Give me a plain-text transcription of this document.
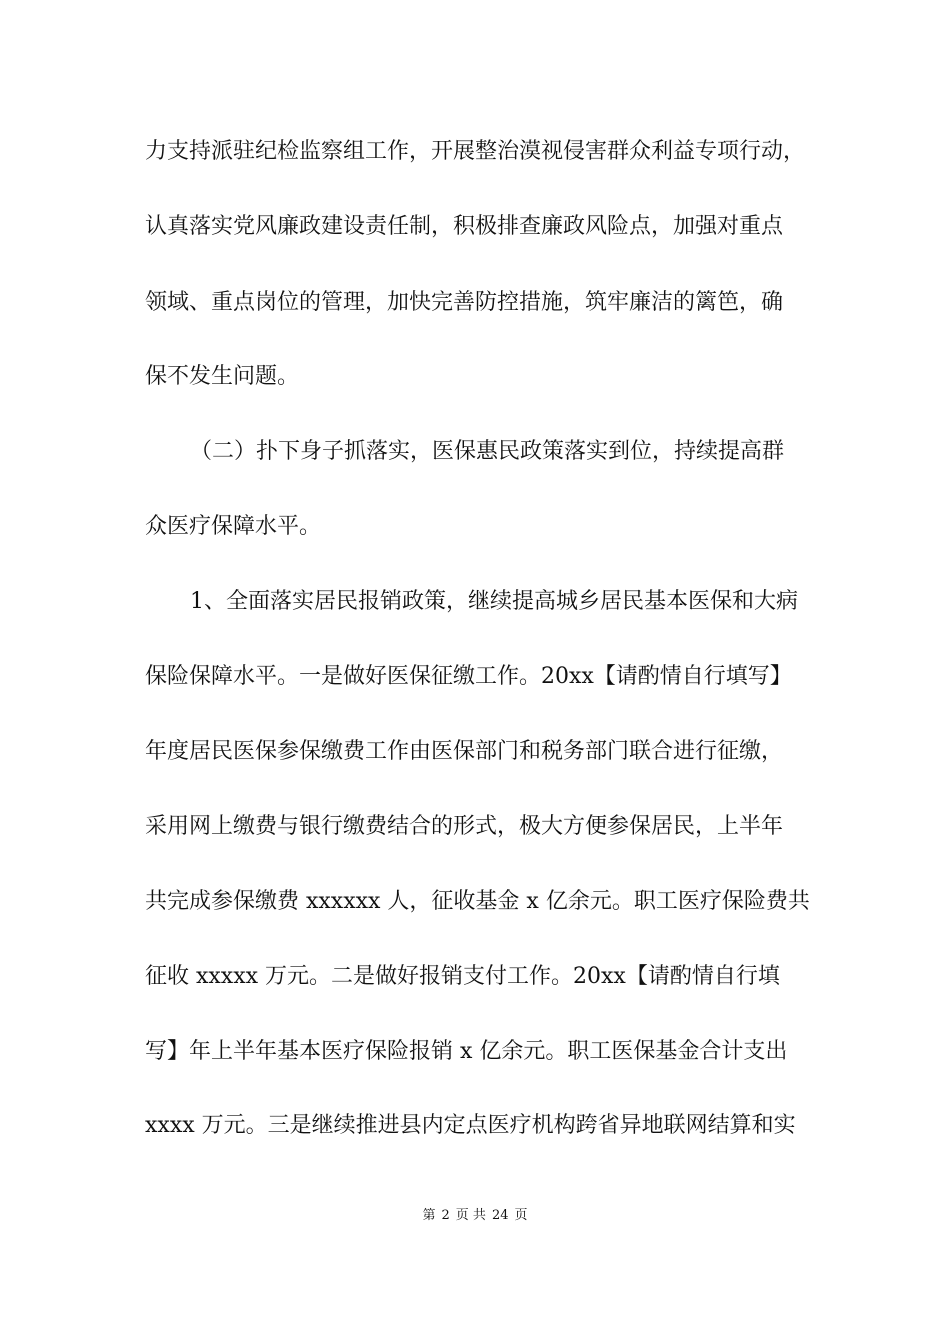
力支持派驻纪检监察组工作，开展整治漠视侵害群众利益专项行动，
认真落实党风廉政建设责任制，积极排查廉政风险点，加强对重点
领域、重点岗位的管理，加快完善防控措施，筑牢廉洁的篱笆，确
保不发生问题。
（二）扑下身子抓落实，医保惠民政策落实到位，持续提高群
众医疗保障水平。
1、全面落实居民报销政策，继续提高城乡居民基本医保和大病
保险保障水平。一是做好医保征缴工作。20xx【请酌情自行填写】
年度居民医保参保缴费工作由医保部门和税务部门联合进行征缴，
采用网上缴费与银行缴费结合的形式，极大方便参保居民，上半年
共完成参保缴费 xxxxxx 人，征收基金 x 亿余元。职工医疗保险费共
征收 xxxxx 万元。二是做好报销支付工作。20xx【请酌情自行填
写】年上半年基本医疗保险报销 x 亿余元。职工医保基金合计支出
xxxx 万元。三是继续推进县内定点医疗机构跨省异地联网结算和实
第 2 页 共 24 页
